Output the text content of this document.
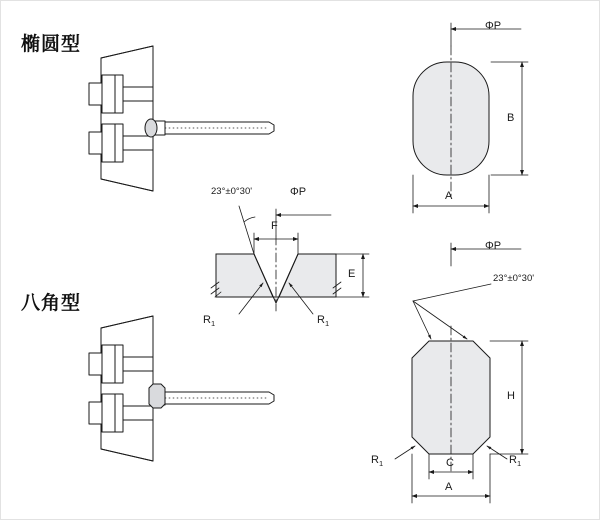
椭圆型
八角型
ΦP
B
A
23°±0°30'	ΦP
F
E
$R_1$	$R_1$
ΦP
23°±0°30'
H
C
A
$R_1$	$R_1$
